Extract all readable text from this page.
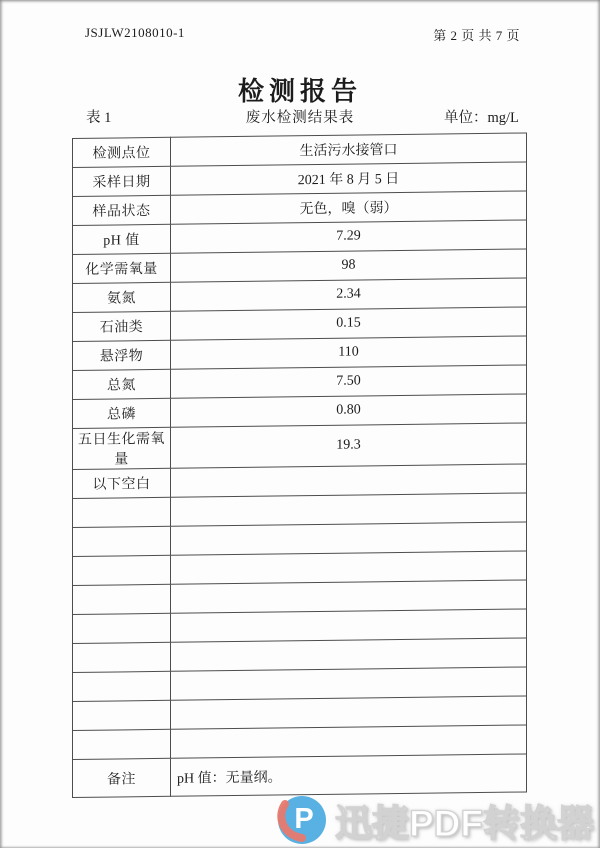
JSJLW2108010-1	第 2 页 共 7 页
检测报告
表 1	废水检测结果表	单位：mg/L
检测点位	生活污水接管口
采样日期	2021 年 8 月 5 日
样品状态	无色，嗅（弱）
pH 值	7.29
化学需氧量	98
氨氮	2.34
石油类	0.15
悬浮物	110
总氮	7.50
总磷	0.80
五日生化需氧量	19.3
以下空白	

备注	pH 值：无量纲。
P 迅捷PDF转换器
